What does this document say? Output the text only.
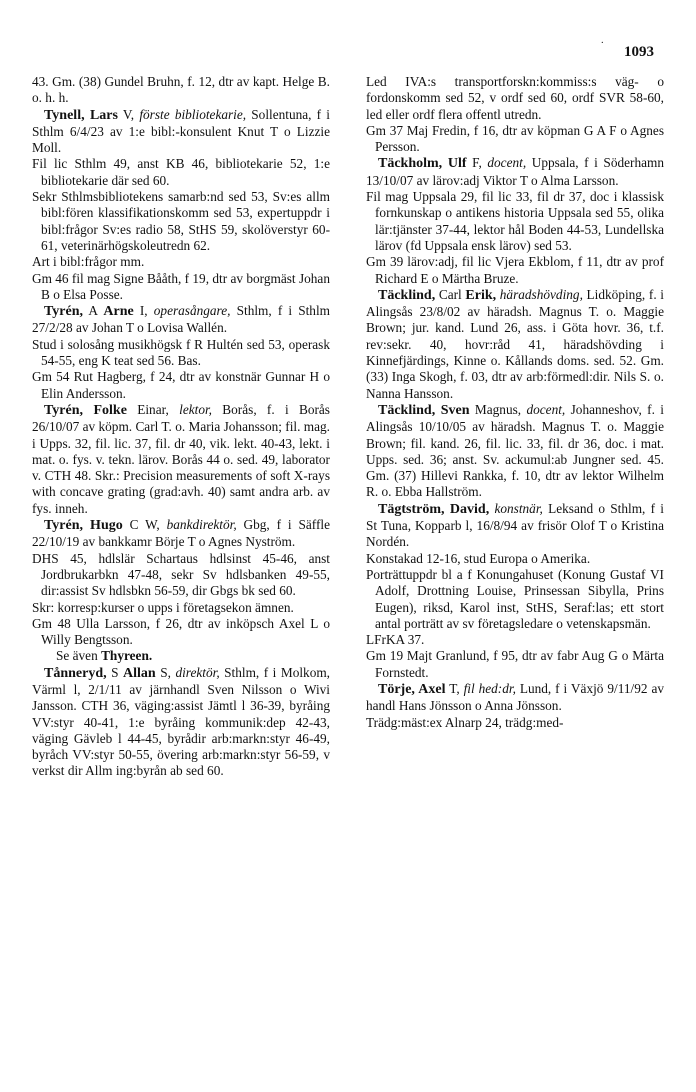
·
1093

43. Gm. (38) Gundel Bruhn, f. 12, dtr av kapt. Helge B. o. h. h.

Tynell, Lars V, förste bibliotekarie, Sollentuna, f i Sthlm 6/4/23 av 1:e bibl:-konsulent Knut T o Lizzie Moll.

Fil lic Sthlm 49, anst KB 46, bibliotekarie 52, 1:e bibliotekarie där sed 60.

Sekr Sthlmsbibliotekens samarb:nd sed 53, Sv:es allm bibl:fören klassifikationskomm sed 53, expertuppdr i bibl:frågor Sv:es radio 58, StHS 59, skolöverstyr 60-61, veterinärhögskoleutredn 62.

Art i bibl:frågor mm.

Gm 46 fil mag Signe Bååth, f 19, dtr av borgmäst Johan B o Elsa Posse.

Tyrén, A Arne I, operasångare, Sthlm, f i Sthlm 27/2/28 av Johan T o Lovisa Wallén.

Stud i solosång musikhögsk f R Hultén sed 53, operask 54-55, eng K teat sed 56. Bas.

Gm 54 Rut Hagberg, f 24, dtr av konstnär Gunnar H o Elin Andersson.

Tyrén, Folke Einar, lektor, Borås, f. i Borås 26/10/07 av köpm. Carl T. o. Maria Johansson; fil. mag. i Upps. 32, fil. lic. 37, fil. dr 40, vik. lekt. 40-43, lekt. i mat. o. fys. v. tekn. lärov. Borås 44 o. sed. 49, laborator v. CTH 48. Skr.: Precision measurements of soft X-rays with concave grating (grad:avh. 40) samt andra arb. av fys. inneh.

Tyrén, Hugo C W, bankdirektör, Gbg, f i Säffle 22/10/19 av bankkamr Börje T o Agnes Nyström.

DHS 45, hdlslär Schartaus hdlsinst 45-46, anst Jordbrukarbkn 47-48, sekr Sv hdlsbanken 49-55, dir:assist Sv hdlsbkn 56-59, dir Gbgs bk sed 60.

Skr: korresp:kurser o upps i företagsekon ämnen.

Gm 48 Ulla Larsson, f 26, dtr av inköpsch Axel L o Willy Bengtsson.

Se även Thyreen.

Tånneryd, S Allan S, direktör, Sthlm, f i Molkom, Värml l, 2/1/11 av järnhandl Sven Nilsson o Wivi Jansson. CTH 36, väging:assist Jämtl l 36-39, byråing VV:styr 40-41, 1:e byråing kommunik:dep 42-43, väging Gävleb l 44-45, byrådir arb:markn:styr 46-49, byråch VV:styr 50-55, övering arb:markn:styr 56-59, v verkst dir Allm ing:byrån ab sed 60.

Led IVA:s transportforskn:kommiss:s väg- o fordonskomm sed 52, v ordf sed 60, ordf SVR 58-60, led eller ordf flera offentl utredn.

Gm 37 Maj Fredin, f 16, dtr av köpman G A F o Agnes Persson.

Täckholm, Ulf F, docent, Uppsala, f i Söderhamn 13/10/07 av lärov:adj Viktor T o Alma Larsson.

Fil mag Uppsala 29, fil lic 33, fil dr 37, doc i klassisk fornkunskap o antikens historia Uppsala sed 55, olika lär:tjänster 37-44, lektor hål Boden 44-53, Lundellska lärov (fd Uppsala ensk lärov) sed 53.

Gm 39 lärov:adj, fil lic Vjera Ekblom, f 11, dtr av prof Richard E o Märtha Bruze.

Täcklind, Carl Erik, häradshövding, Lidköping, f. i Alingsås 23/8/02 av häradsh. Magnus T. o. Maggie Brown; jur. kand. Lund 26, ass. i Göta hovr. 36, t.f. rev:sekr. 40, hovr:råd 41, häradshövding i Kinnefjärdings, Kinne o. Kållands doms. sed. 52. Gm. (33) Inga Skogh, f. 03, dtr av arb:förmedl:dir. Nils S. o. Nanna Hansson.

Täcklind, Sven Magnus, docent, Johanneshov, f. i Alingsås 10/10/05 av häradsh. Magnus T. o. Maggie Brown; fil. kand. 26, fil. lic. 33, fil. dr 36, doc. i mat. Upps. sed. 36; anst. Sv. ackumul:ab Jungner sed. 45. Gm. (37) Hillevi Rankka, f. 10, dtr av lektor Wilhelm R. o. Ebba Hallström.

Tägtström, David, konstnär, Leksand o Sthlm, f i St Tuna, Kopparb l, 16/8/94 av frisör Olof T o Kristina Nordén.

Konstakad 12-16, stud Europa o Amerika.

Porträttuppdr bl a f Konungahuset (Konung Gustaf VI Adolf, Drottning Louise, Prinsessan Sibylla, Prins Eugen), riksd, Karol inst, StHS, Seraf:las; ett stort antal porträtt av sv företagsledare o vetenskapsmän.

LFrKA 37.

Gm 19 Majt Granlund, f 95, dtr av fabr Aug G o Märta Fornstedt.

Törje, Axel T, fil hed:dr, Lund, f i Växjö 9/11/92 av handl Hans Jönsson o Anna Jönsson.

Trädg:mäst:ex Alnarp 24, trädg:med-
